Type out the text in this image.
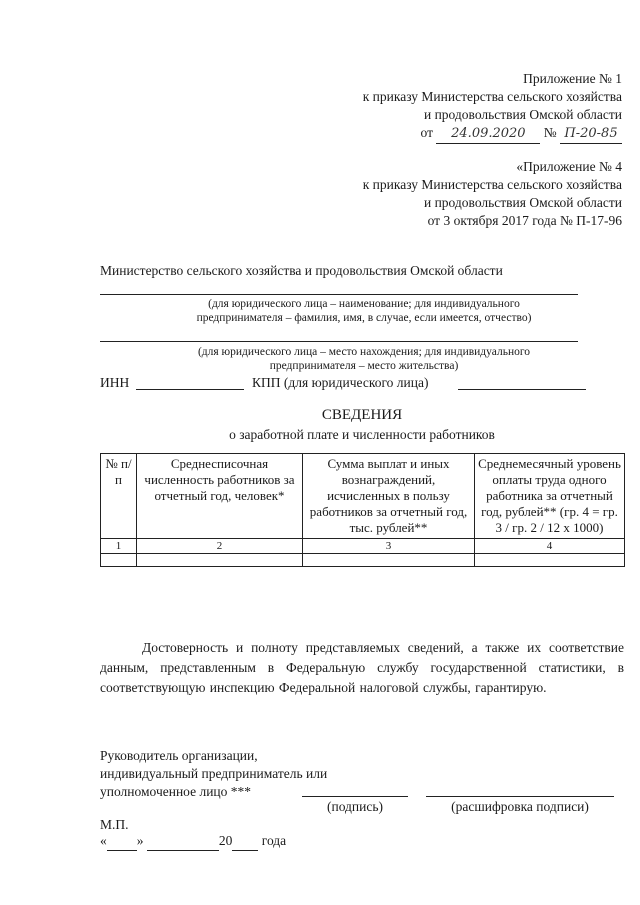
Приложение № 1
к приказу Министерства сельского хозяйства
и продовольствия Омской области
от 24.09.2020 № П-20-85
«Приложение № 4
к приказу Министерства сельского хозяйства
и продовольствия Омской области
от 3 октября 2017 года № П-17-96
Министерство сельского хозяйства и продовольствия Омской области
(для юридического лица – наименование; для индивидуального
предпринимателя – фамилия, имя, в случае, если имеется, отчество)
(для юридического лица – место нахождения; для индивидуального
предпринимателя – место жительства)
ИНН	КПП (для юридического лица)
СВЕДЕНИЯ
о заработной плате и численности работников
№ п/п	Среднесписочная численность работников за отчетный год, человек*	Сумма выплат и иных вознаграждений, исчисленных в пользу работников за отчетный год, тыс. рублей**	Среднемесячный уровень оплаты труда одного работника за отчетный год, рублей** (гр. 4 = гр. 3 / гр. 2 / 12 х 1000)
1	2	3	4

Достоверность и полноту представляемых сведений, а также их соответствие данным, представленным в Федеральную службу государственной статистики, в соответствующую инспекцию Федеральной налоговой службы, гарантирую.
Руководитель организации,
индивидуальный предприниматель или
уполномоченное лицо ***
(подпись)	(расшифровка подписи)
М.П.
« »	20 года
